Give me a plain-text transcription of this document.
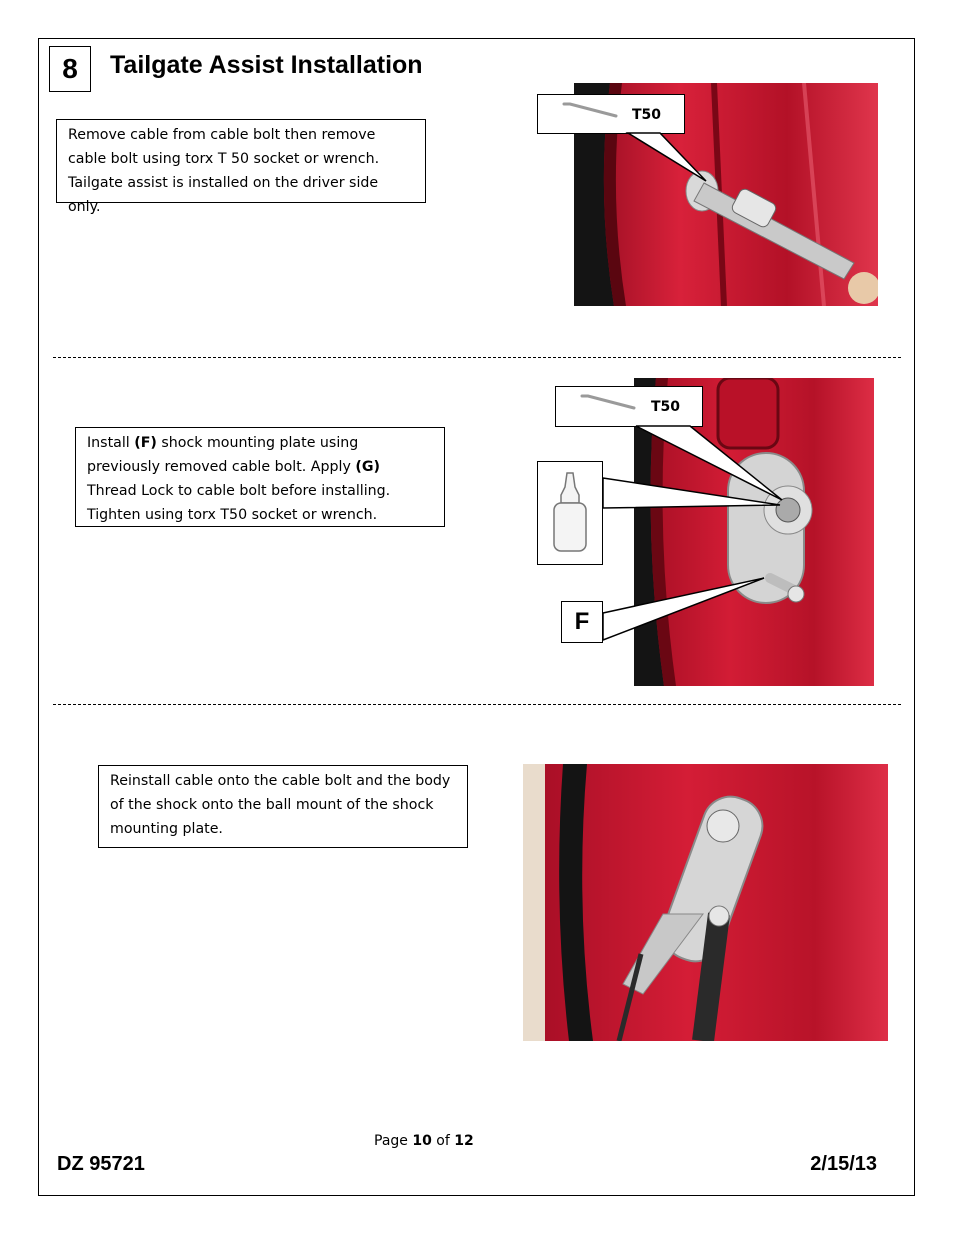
8	Tailgate Assist Installation
Remove cable from cable bolt then remove cable bolt using torx T 50 socket or wrench. Tailgate assist is installed on the driver side only.
T50
Install (F) shock mounting plate using previously removed cable bolt. Apply (G) Thread Lock to cable bolt before installing. Tighten using torx T50 socket or wrench.
T50
F
Reinstall cable onto the cable bolt and the body of the shock onto the ball mount of the shock mounting plate.
Page 10 of 12
DZ 95721	2/15/13
